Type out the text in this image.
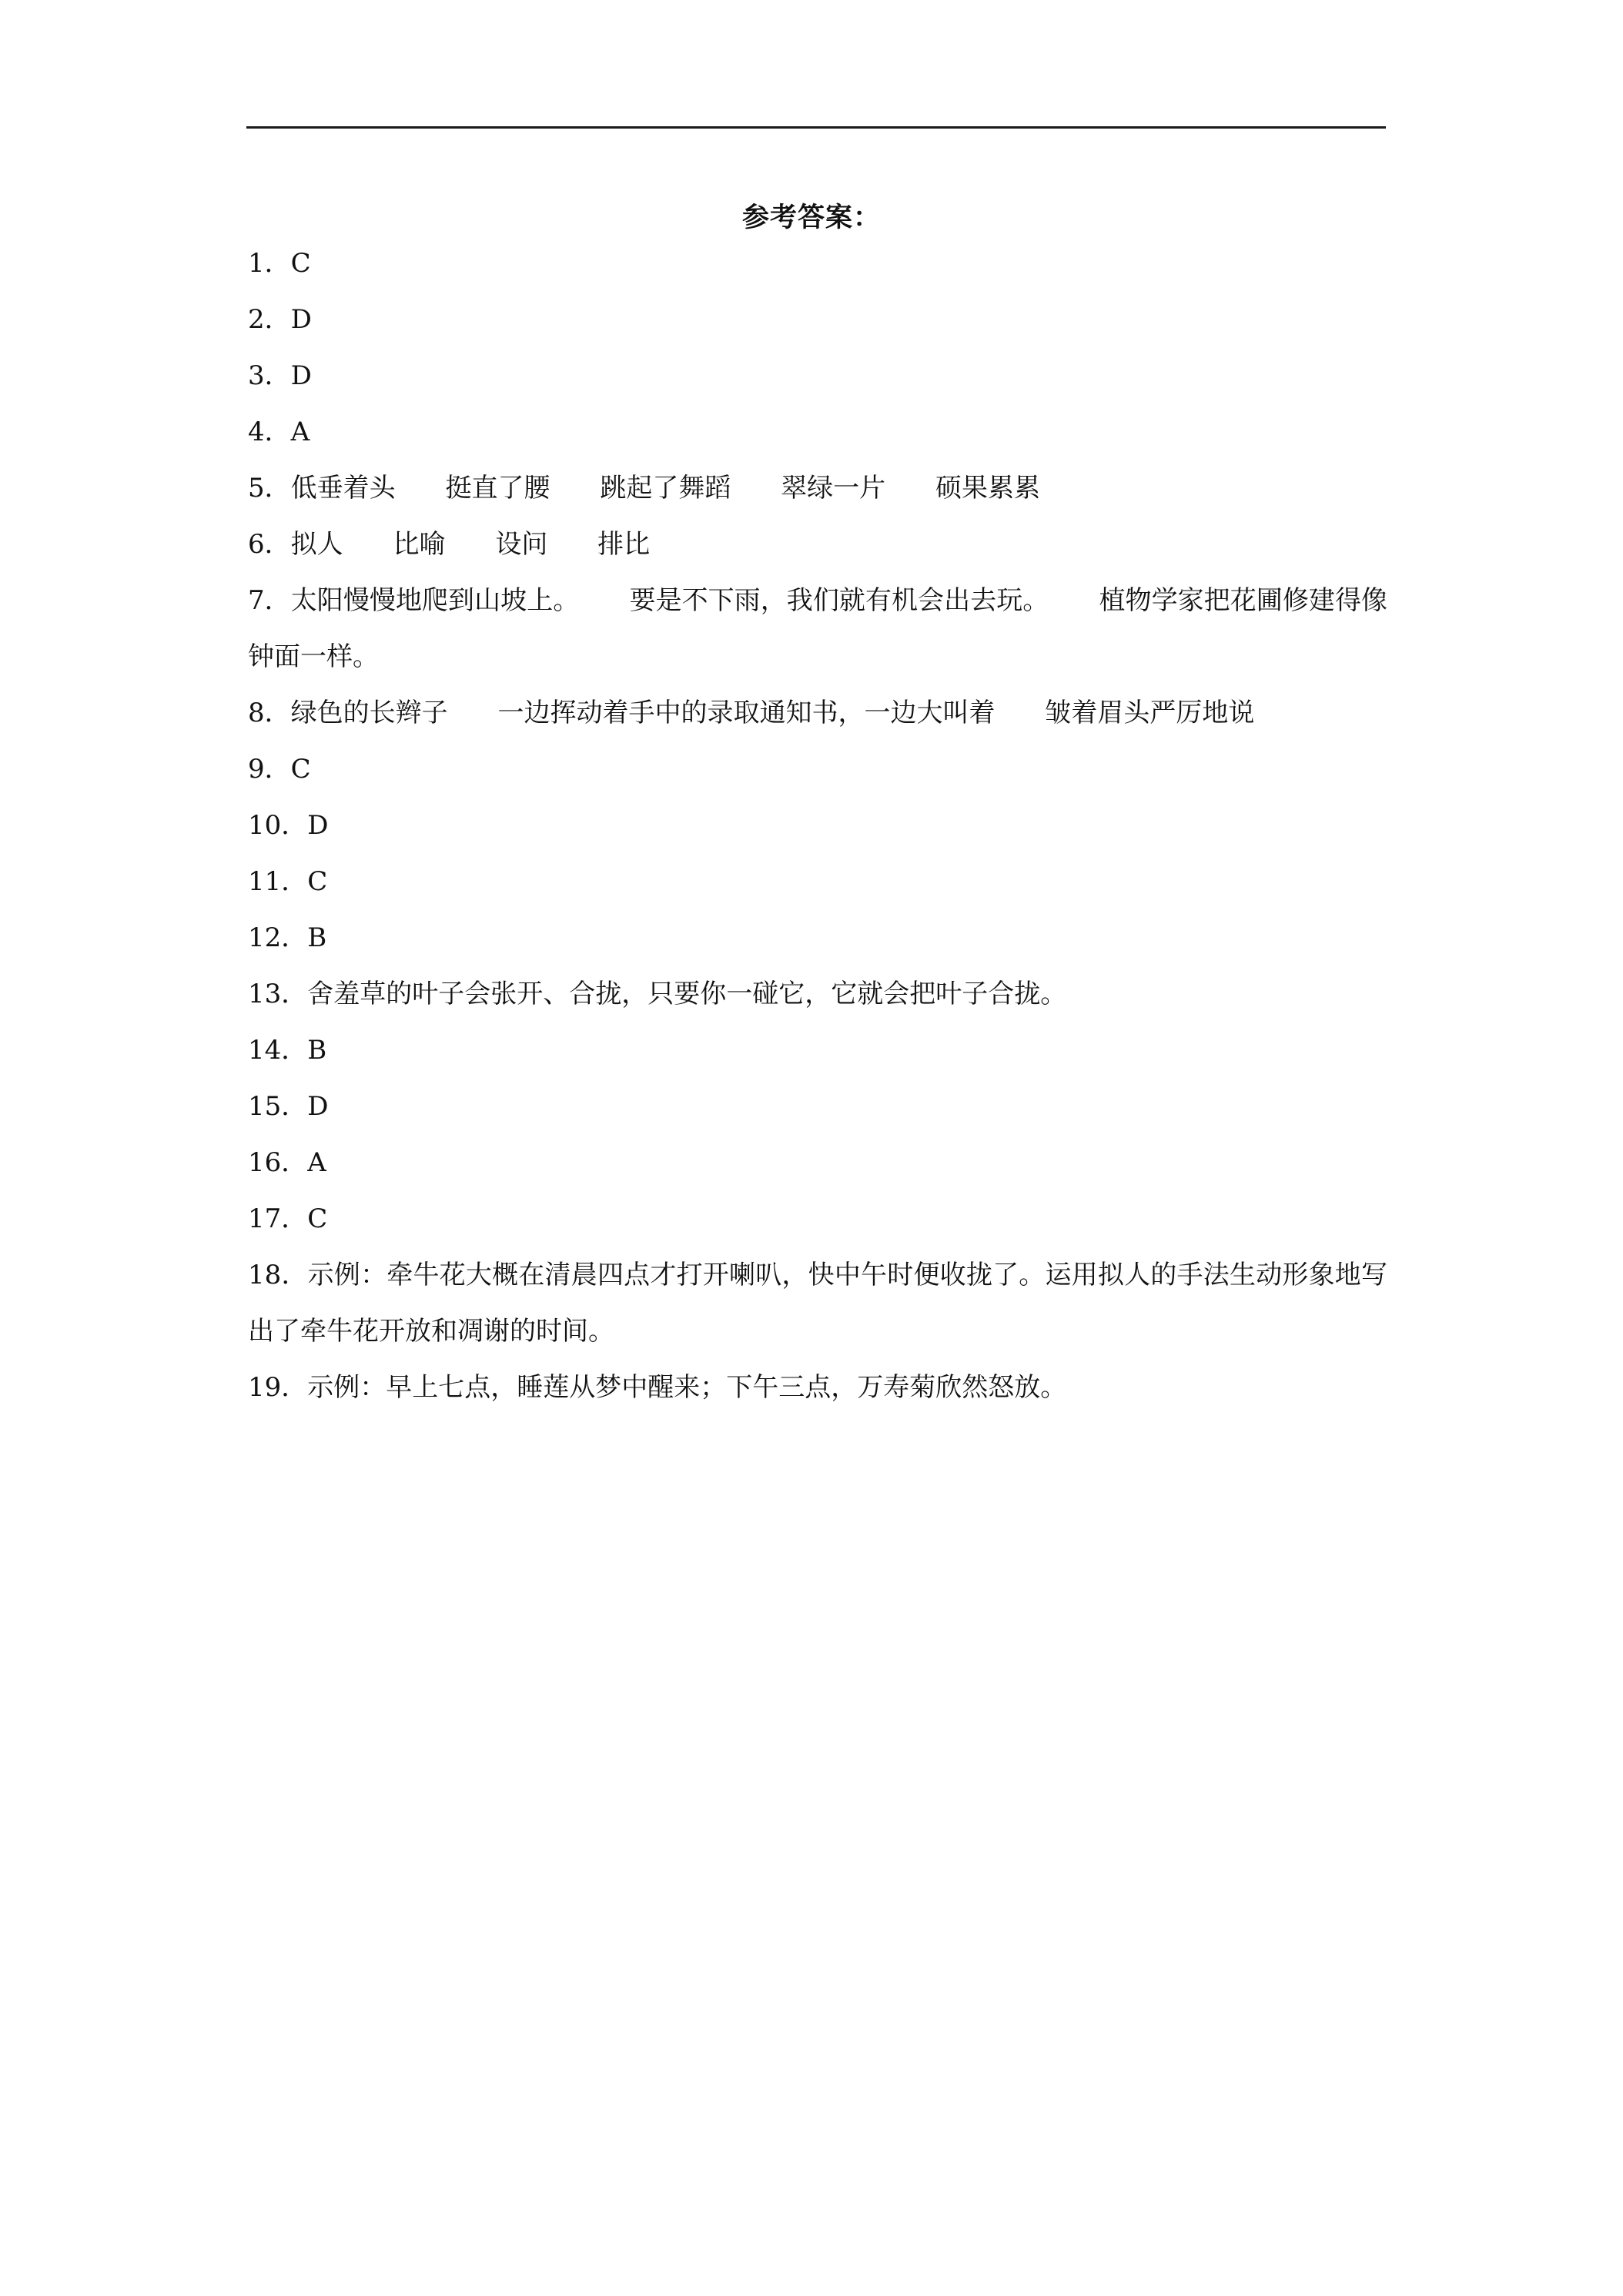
参考答案：
1．C
2．D
3．D
4．A
5．低垂着头      挺直了腰      跳起了舞蹈      翠绿一片      硕果累累
6．拟人      比喻      设问      排比
7．太阳慢慢地爬到山坡上。      要是不下雨，我们就有机会出去玩。      植物学家把花圃修建得像钟面一样。
8．绿色的长辫子      一边挥动着手中的录取通知书，一边大叫着      皱着眉头严厉地说
9．C
10．D
11．C
12．B
13．舍羞草的叶子会张开、合拢，只要你一碰它，它就会把叶子合拢。
14．B
15．D
16．A
17．C
18．示例：牵牛花大概在清晨四点才打开喇叭，快中午时便收拢了。运用拟人的手法生动形象地写出了牵牛花开放和凋谢的时间。
19．示例：早上七点，睡莲从梦中醒来；下午三点，万寿菊欣然怒放。
